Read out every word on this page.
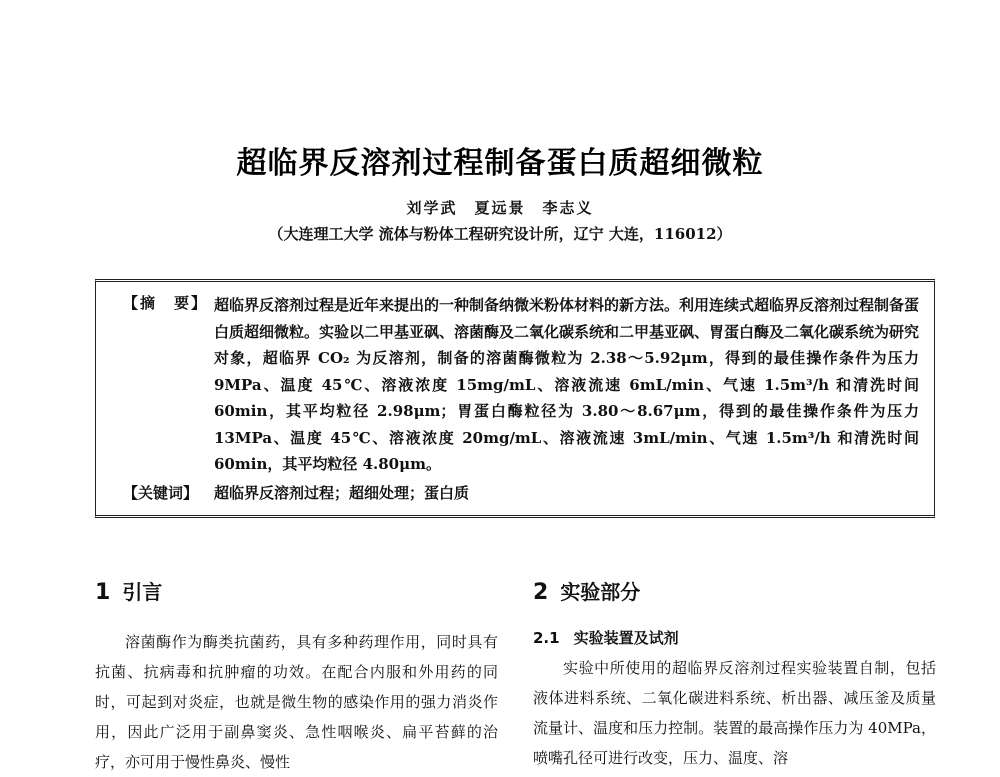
超临界反溶剂过程制备蛋白质超细微粒
刘学武　夏远景　李志义
（大连理工大学 流体与粉体工程研究设计所，辽宁 大连，116012）
【摘　要】 超临界反溶剂过程是近年来提出的一种制备纳微米粉体材料的新方法。利用连续式超临界反溶剂过程制备蛋白质超细微粒。实验以二甲基亚砜、溶菌酶及二氧化碳系统和二甲基亚砜、胃蛋白酶及二氧化碳系统为研究对象，超临界 CO₂ 为反溶剂，制备的溶菌酶微粒为 2.38～5.92μm，得到的最佳操作条件为压力 9MPa、温度 45℃、溶液浓度 15mg/mL、溶液流速 6mL/min、气速 1.5m³/h 和清洗时间 60min，其平均粒径 2.98μm；胃蛋白酶粒径为 3.80～8.67μm，得到的最佳操作条件为压力 13MPa、温度 45℃、溶液浓度 20mg/mL、溶液流速 3mL/min、气速 1.5m³/h 和清洗时间 60min，其平均粒径 4.80μm。
【关键词】 超临界反溶剂过程；超细处理；蛋白质
1 引言	2 实验部分

溶菌酶作为酶类抗菌药，具有多种药理作用，同时具有抗菌、抗病毒和抗肿瘤的功效。在配合内服和外用药的同时，可起到对炎症，也就是微生物的感染作用的强力消炎作用，因此广泛用于副鼻窦炎、急性咽喉炎、扁平苔藓的治疗，亦可用于慢性鼻炎、慢性

2.1 实验装置及试剂

实验中所使用的超临界反溶剂过程实验装置自制，包括液体进料系统、二氧化碳进料系统、析出器、减压釜及质量流量计、温度和压力控制。装置的最高操作压力为 40MPa，喷嘴孔径可进行改变，压力、温度、溶
